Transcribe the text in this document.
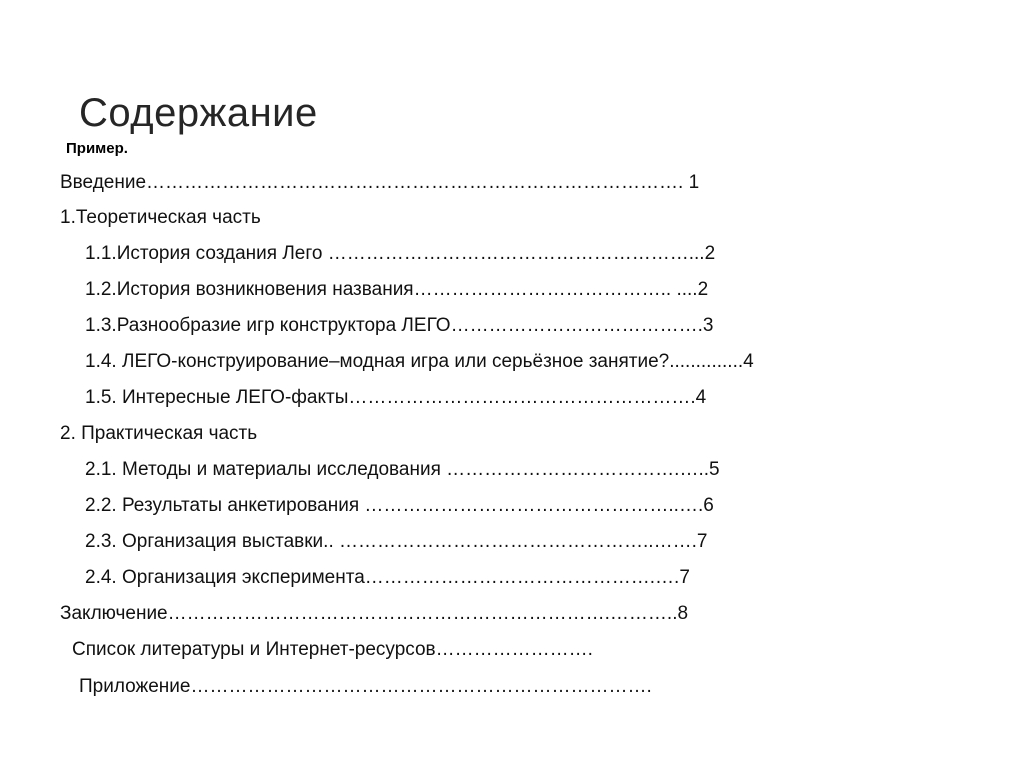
Содержание
Пример.
Введение…………………………………………………………………………. 1
1.Теоретическая часть
1.1.История создания Лего …………………………………………………...2
1.2.История возникновения названия………………………………….. ....2
1.3.Разнообразие игр конструктора ЛЕГО………………………………….3
1.4. ЛЕГО-конструирование–модная игра или серьёзное занятие?..............4
1.5. Интересные ЛЕГО-факты……………………………………………….4
2. Практическая часть
2.1. Методы и материалы исследования ……………………………….…..5
2.2. Результаты анкетирования …………………………………………..….6
2.3. Организация выставки.. …………………………………………..…….7
2.4. Организация эксперимента……………………………………….….7
Заключение…………………………………………………………….………..8
Список литературы и Интернет-ресурсов…………………….
Приложение……………………………………………………………….
